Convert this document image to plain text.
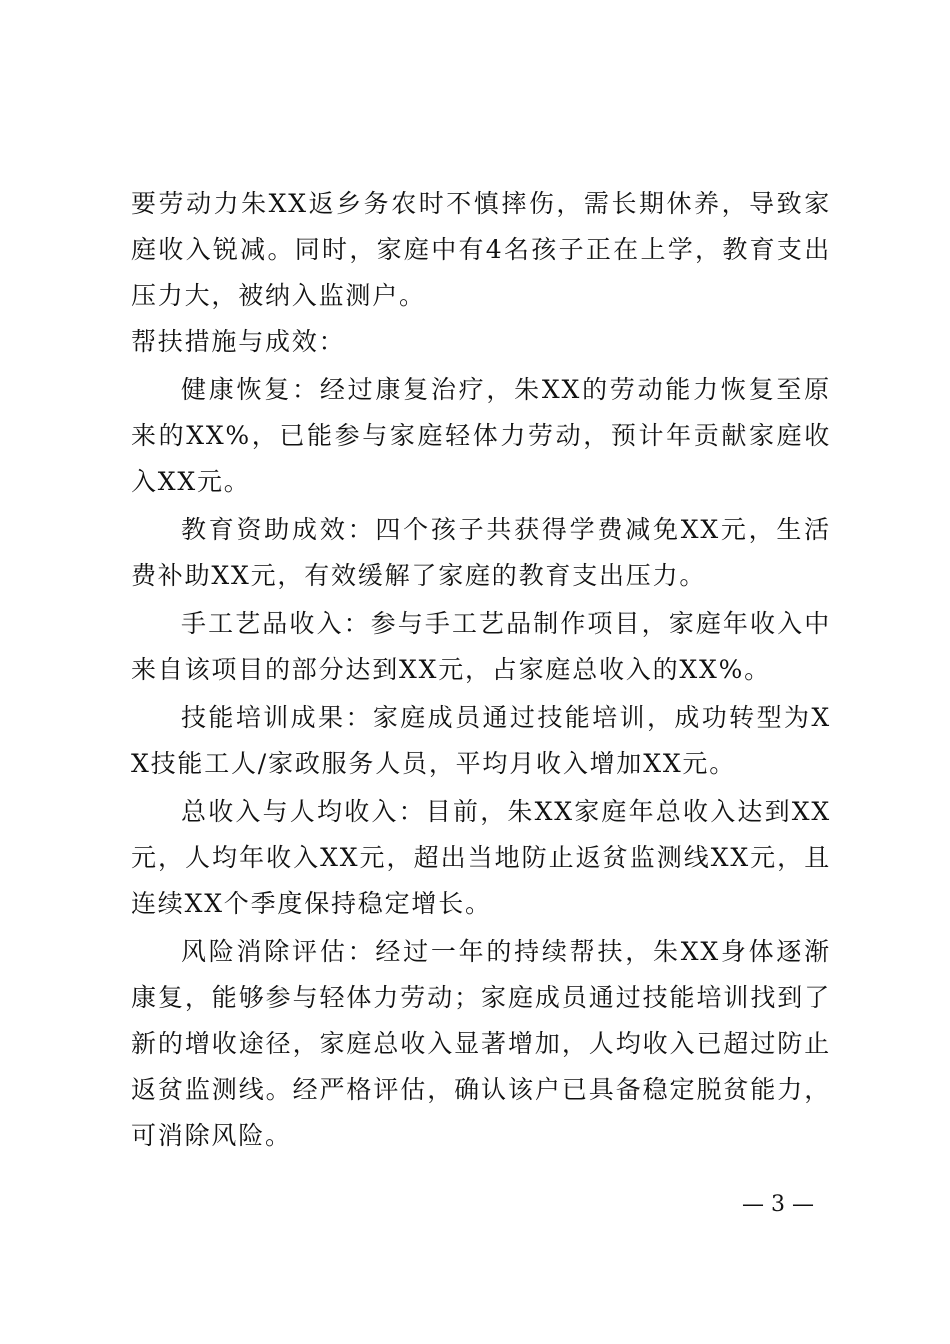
要劳动力朱XX返乡务农时不慎摔伤，需长期休养，导致家庭收入锐减。同时，家庭中有4名孩子正在上学，教育支出压力大，被纳入监测户。

帮扶措施与成效：

健康恢复：经过康复治疗，朱XX的劳动能力恢复至原来的XX%，已能参与家庭轻体力劳动，预计年贡献家庭收入XX元。

教育资助成效：四个孩子共获得学费减免XX元，生活费补助XX元，有效缓解了家庭的教育支出压力。

手工艺品收入：参与手工艺品制作项目，家庭年收入中来自该项目的部分达到XX元，占家庭总收入的XX%。

技能培训成果：家庭成员通过技能培训，成功转型为XX技能工人/家政服务人员，平均月收入增加XX元。

总收入与人均收入：目前，朱XX家庭年总收入达到XX元，人均年收入XX元，超出当地防止返贫监测线XX元，且连续XX个季度保持稳定增长。

风险消除评估：经过一年的持续帮扶，朱XX身体逐渐康复，能够参与轻体力劳动；家庭成员通过技能培训找到了新的增收途径，家庭总收入显著增加，人均收入已超过防止返贫监测线。经严格评估，确认该户已具备稳定脱贫能力，可消除风险。

— 3 —
